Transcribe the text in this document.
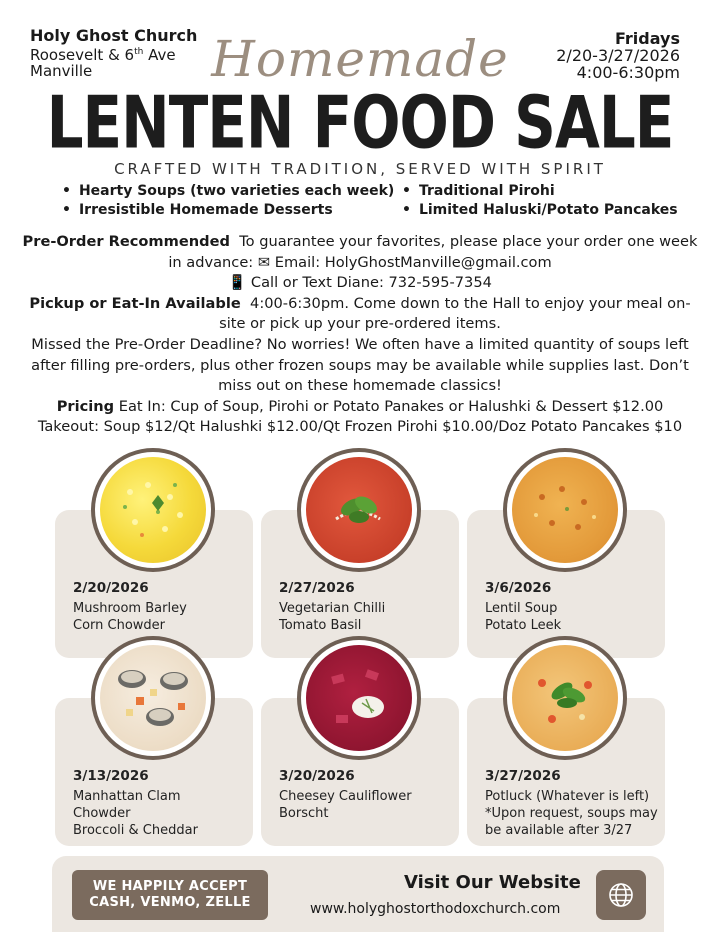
Holy Ghost Church
Roosevelt & 6th Ave
Manville
Fridays
2/20-3/27/2026
4:00-6:30pm
Homemade
LENTEN FOOD SALE
CRAFTED WITH TRADITION, SERVED WITH SPIRIT
• Hearty Soups (two varieties each week)	• Traditional Pirohi
• Irresistible Homemade Desserts	• Limited Haluski/Potato Pancakes
Pre-Order Recommended To guarantee your favorites, please place your order one week in advance: ✉ Email: HolyGhostManville@gmail.com
📱 Call or Text Diane: 732-595-7354
Pickup or Eat-In Available 4:00-6:30pm. Come down to the Hall to enjoy your meal on-site or pick up your pre-ordered items.
Missed the Pre-Order Deadline? No worries! We often have a limited quantity of soups left after filling pre-orders, plus other frozen soups may be available while supplies last. Don’t miss out on these homemade classics!
Pricing Eat In: Cup of Soup, Pirohi or Potato Panakes or Halushki & Dessert $12.00
Takeout: Soup $12/Qt Halushki $12.00/Qt Frozen Pirohi $10.00/Doz Potato Pancakes $10
2/20/2026
Mushroom Barley
Corn Chowder
2/27/2026
Vegetarian Chilli
Tomato Basil
3/6/2026
Lentil Soup
Potato Leek
3/13/2026
Manhattan Clam
Chowder
Broccoli & Cheddar
3/20/2026
Cheesey Cauliflower
Borscht
3/27/2026
Potluck (Whatever is left)
*Upon request, soups may
be available after 3/27
WE HAPPILY ACCEPT
CASH, VENMO, ZELLE
Visit Our Website
www.holyghostorthodoxchurch.com
